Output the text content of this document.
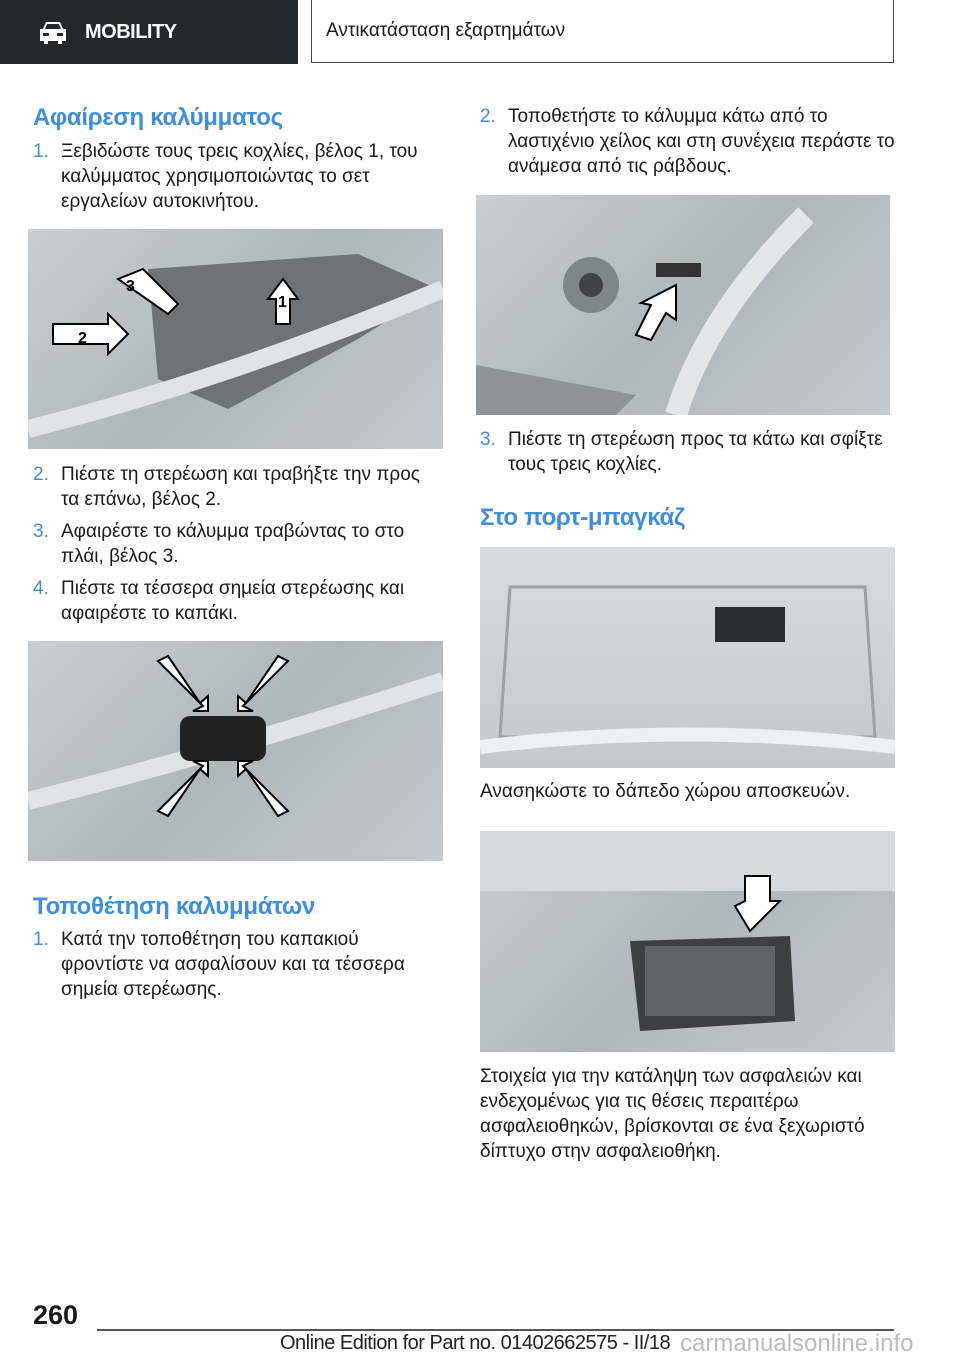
MOBILITY	Αντικατάσταση εξαρτημάτων
Αφαίρεση καλύμματος
1. Ξεβιδώστε τους τρεις κοχλίες, βέλος 1, του καλύμματος χρησιμοποιώντας το σετ εργαλείων αυτοκινήτου.
1
2
3
2. Πιέστε τη στερέωση και τραβήξτε την προς τα επάνω, βέλος 2.
3. Αφαιρέστε το κάλυμμα τραβώντας το στο πλάι, βέλος 3.
4. Πιέστε τα τέσσερα σημεία στερέωσης και αφαιρέστε το καπάκι.
Τοποθέτηση καλυμμάτων
1. Κατά την τοποθέτηση του καπακιού φροντίστε να ασφαλίσουν και τα τέσσερα σημεία στερέωσης.
2. Τοποθετήστε το κάλυμμα κάτω από το λαστιχένιο χείλος και στη συνέχεια περάστε το ανάμεσα από τις ράβδους.
3. Πιέστε τη στερέωση προς τα κάτω και σφίξτε τους τρεις κοχλίες.
Στο πορτ-μπαγκάζ
Ανασηκώστε το δάπεδο χώρου αποσκευών.
Στοιχεία για την κατάληψη των ασφαλειών και ενδεχομένως για τις θέσεις περαιτέρω ασφαλειοθηκών, βρίσκονται σε ένα ξεχωριστό δίπτυχο στην ασφαλειοθήκη.
260
Online Edition for Part no. 01402662575 - II/18 carmanualsonline.info
